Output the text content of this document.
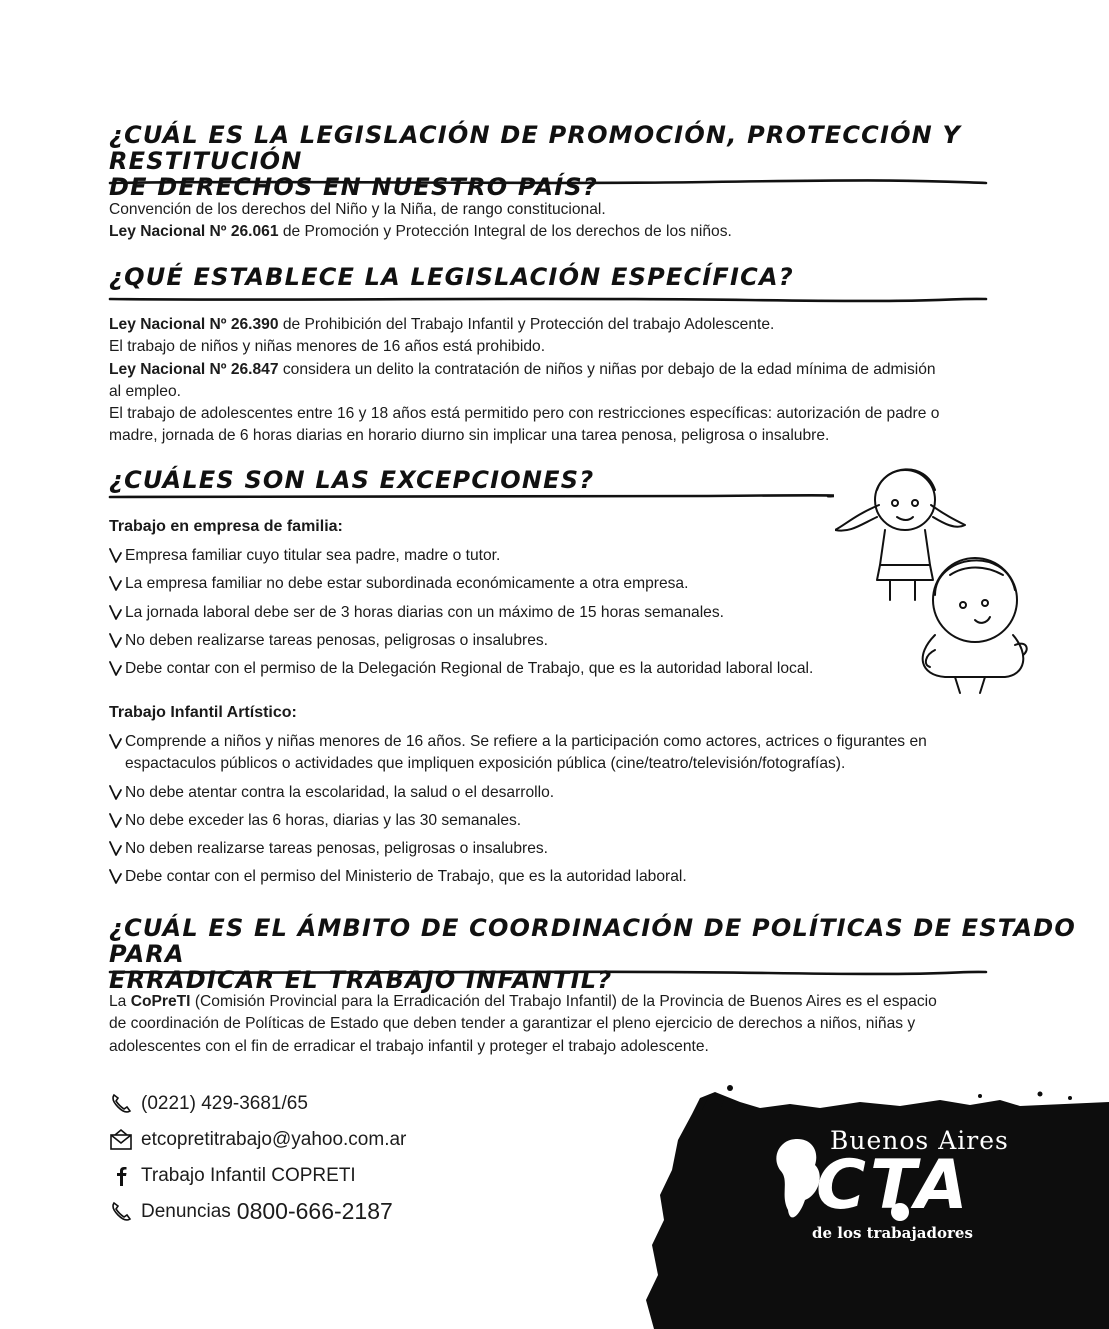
¿CUÁL ES LA LEGISLACIÓN DE PROMOCIÓN, PROTECCIÓN Y RESTITUCIÓN
DE DERECHOS EN NUESTRO PAÍS?
Convención de los derechos del Niño y la Niña, de rango constitucional.
Ley Nacional Nº 26.061 de Promoción y Protección Integral de los derechos de los niños.
¿QUÉ ESTABLECE LA LEGISLACIÓN ESPECÍFICA?
Ley Nacional Nº 26.390 de Prohibición del Trabajo Infantil y Protección del trabajo Adolescente.
El trabajo de niños y niñas menores de 16 años está prohibido.
Ley Nacional Nº 26.847 considera un delito la contratación de niños y niñas por debajo de la edad mínima de admisión
al empleo.
El trabajo de adolescentes entre 16 y 18 años está permitido pero con restricciones específicas: autorización de padre o
madre, jornada de 6 horas diarias en horario diurno sin implicar una tarea penosa, peligrosa o insalubre.
¿CUÁLES SON LAS EXCEPCIONES?

Trabajo en empresa de familia:

Empresa familiar cuyo titular sea padre, madre o tutor.
La empresa familiar no debe estar subordinada económicamente a otra empresa.
La jornada laboral debe ser de 3 horas diarias con un máximo de 15 horas semanales.
No deben realizarse tareas penosas, peligrosas o insalubres.
Debe contar con el permiso de la Delegación Regional de Trabajo, que es la autoridad laboral local.

Trabajo Infantil Artístico:

Comprende a niños y niñas menores de 16 años. Se refiere a la participación como actores, actrices o figurantes en
espactaculos públicos o actividades que impliquen exposición pública (cine/teatro/televisión/fotografías).
No debe atentar contra la escolaridad, la salud o el desarrollo.
No debe exceder las 6 horas, diarias y las 30 semanales.
No deben realizarse tareas penosas, peligrosas o insalubres.
Debe contar con el permiso del Ministerio de Trabajo, que es la autoridad laboral.
¿CUÁL ES EL ÁMBITO DE COORDINACIÓN DE POLÍTICAS DE ESTADO PARA
ERRADICAR EL TRABAJO INFANTIL?
La CoPreTI (Comisión Provincial para la Erradicación del Trabajo Infantil) de la Provincia de Buenos Aires es el espacio
de coordinación de Políticas de Estado que deben tender a garantizar el pleno ejercicio de derechos a niños, niñas y
adolescentes con el fin de erradicar el trabajo infantil y proteger el trabajo adolescente.
(0221) 429-3681/65
etcopretitrabajo@yahoo.com.ar
Trabajo Infantil COPRETI
Denuncias 0800-666-2187
Buenos Aires
CTA
de los trabajadores
